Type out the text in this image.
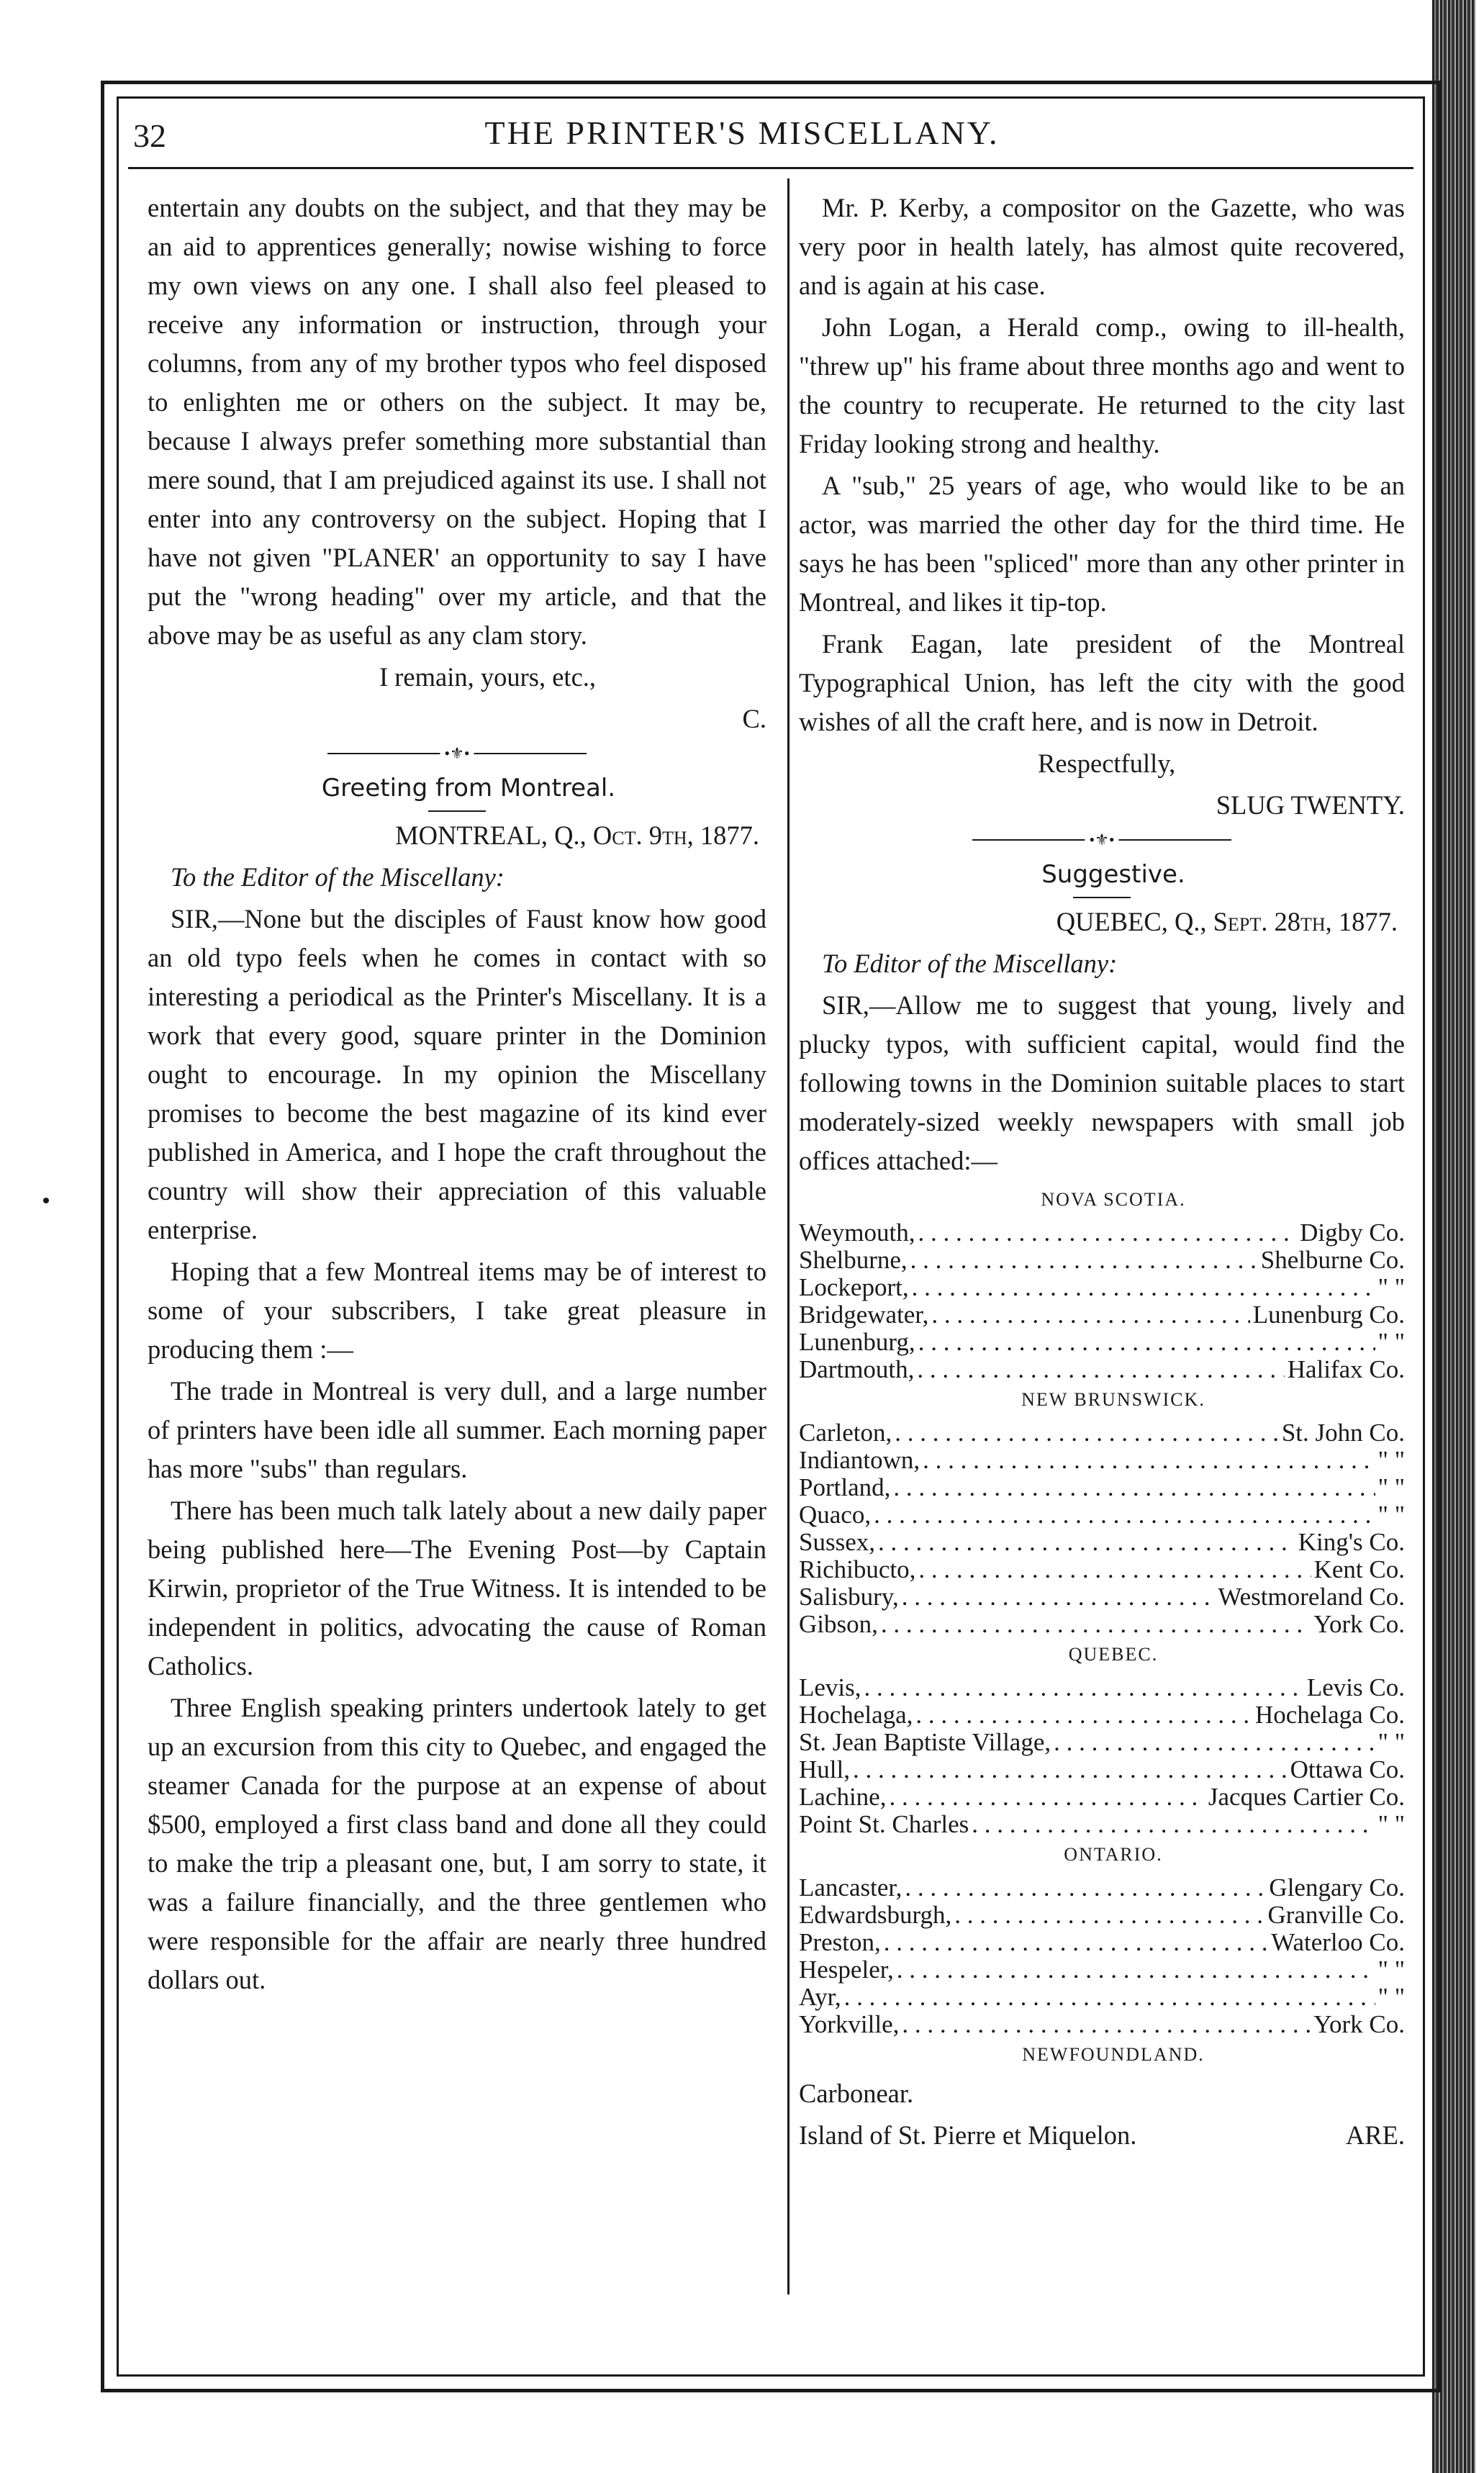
32	THE PRINTER'S MISCELLANY.

entertain any doubts on the subject, and that they may be an aid to apprentices generally; nowise wishing to force my own views on any one. I shall also feel pleased to receive any information or instruction, through your columns, from any of my brother typos who feel disposed to enlighten me or others on the subject. It may be, because I always prefer something more substantial than mere sound, that I am prejudiced against its use. I shall not enter into any controversy on the subject. Hoping that I have not given "PLANER' an opportunity to say I have put the "wrong heading" over my article, and that the above may be as useful as any clam story.

I remain, yours, etc.,

C.

•⚜•

Greeting from Montreal.

MONTREAL, Q., Oct. 9th, 1877.

To the Editor of the Miscellany:

SIR,—None but the disciples of Faust know how good an old typo feels when he comes in contact with so interesting a periodical as the Printer's Miscellany. It is a work that every good, square printer in the Dominion ought to encourage. In my opinion the Miscellany promises to become the best magazine of its kind ever published in America, and I hope the craft throughout the country will show their appreciation of this valuable enterprise.

Hoping that a few Montreal items may be of interest to some of your subscribers, I take great pleasure in producing them :—

The trade in Montreal is very dull, and a large number of printers have been idle all summer. Each morning paper has more "subs" than regulars.

There has been much talk lately about a new daily paper being published here—The Evening Post—by Captain Kirwin, proprietor of the True Witness. It is intended to be independent in politics, advocating the cause of Roman Catholics.

Three English speaking printers undertook lately to get up an excursion from this city to Quebec, and engaged the steamer Canada for the purpose at an expense of about $500, employed a first class band and done all they could to make the trip a pleasant one, but, I am sorry to state, it was a failure financially, and the three gentlemen who were responsible for the affair are nearly three hundred dollars out.

Mr. P. Kerby, a compositor on the Gazette, who was very poor in health lately, has almost quite recovered, and is again at his case.

John Logan, a Herald comp., owing to ill-health, "threw up" his frame about three months ago and went to the country to recuperate. He returned to the city last Friday looking strong and healthy.

A "sub," 25 years of age, who would like to be an actor, was married the other day for the third time. He says he has been "spliced" more than any other printer in Montreal, and likes it tip-top.

Frank Eagan, late president of the Montreal Typographical Union, has left the city with the good wishes of all the craft here, and is now in Detroit.

Respectfully,

SLUG TWENTY.

•⚜•

Suggestive.

QUEBEC, Q., Sept. 28th, 1877.

To Editor of the Miscellany:

SIR,—Allow me to suggest that young, lively and plucky typos, with sufficient capital, would find the following towns in the Dominion suitable places to start moderately-sized weekly newspapers with small job offices attached:—

NOVA SCOTIA.

Weymouth, . . .	Digby Co.
Shelburne, . . .	Shelburne Co.
Lockeport, . . .	" "
Bridgewater, . . .	Lunenburg Co.
Lunenburg, . . .	" "
Dartmouth, . . .	Halifax Co.

NEW BRUNSWICK.

Carleton, . . .	St. John Co.
Indiantown, . . .	" "
Portland, . . .	" "
Quaco, . . .	" "
Sussex, . . .	King's Co.
Richibucto, . . .	Kent Co.
Salisbury, . . .	Westmoreland Co.
Gibson, . . .	York Co.

QUEBEC.

Levis, . . .	Levis Co.
Hochelaga, . . .	Hochelaga Co.
St. Jean Baptiste Village, . . .	" "
Hull, . . .	Ottawa Co.
Lachine, . . .	Jacques Cartier Co.
Point St. Charles . . .	" "

ONTARIO.

Lancaster, . . .	Glengary Co.
Edwardsburgh, . . .	Granville Co.
Preston, . . .	Waterloo Co.
Hespeler, . . .	" "
Ayr, . . .	" "
Yorkville, . . .	York Co.

NEWFOUNDLAND.

Carbonear.

Island of St. Pierre et Miquelon.	ARE.
